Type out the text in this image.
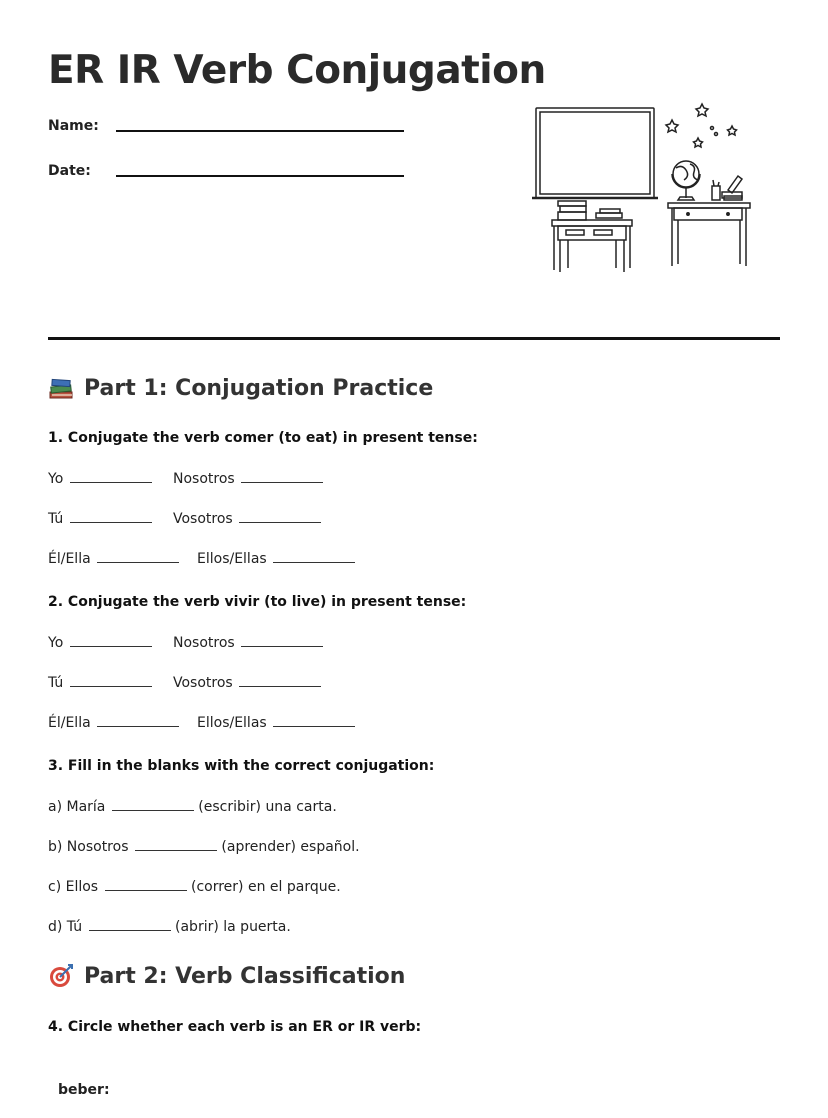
ER IR Verb Conjugation
Name:
Date:
Part 1: Conjugation Practice
1. Conjugate the verb comer (to eat) in present tense:
Yo	Nosotros
Tú	Vosotros
Él/Ella	Ellos/Ellas
2. Conjugate the verb vivir (to live) in present tense:
Yo	Nosotros
Tú	Vosotros
Él/Ella	Ellos/Ellas
3. Fill in the blanks with the correct conjugation:
a) María	(escribir) una carta.
b) Nosotros	(aprender) español.
c) Ellos	(correr) en el parque.
d) Tú	(abrir) la puerta.
Part 2: Verb Classification
4. Circle whether each verb is an ER or IR verb:
beber:
